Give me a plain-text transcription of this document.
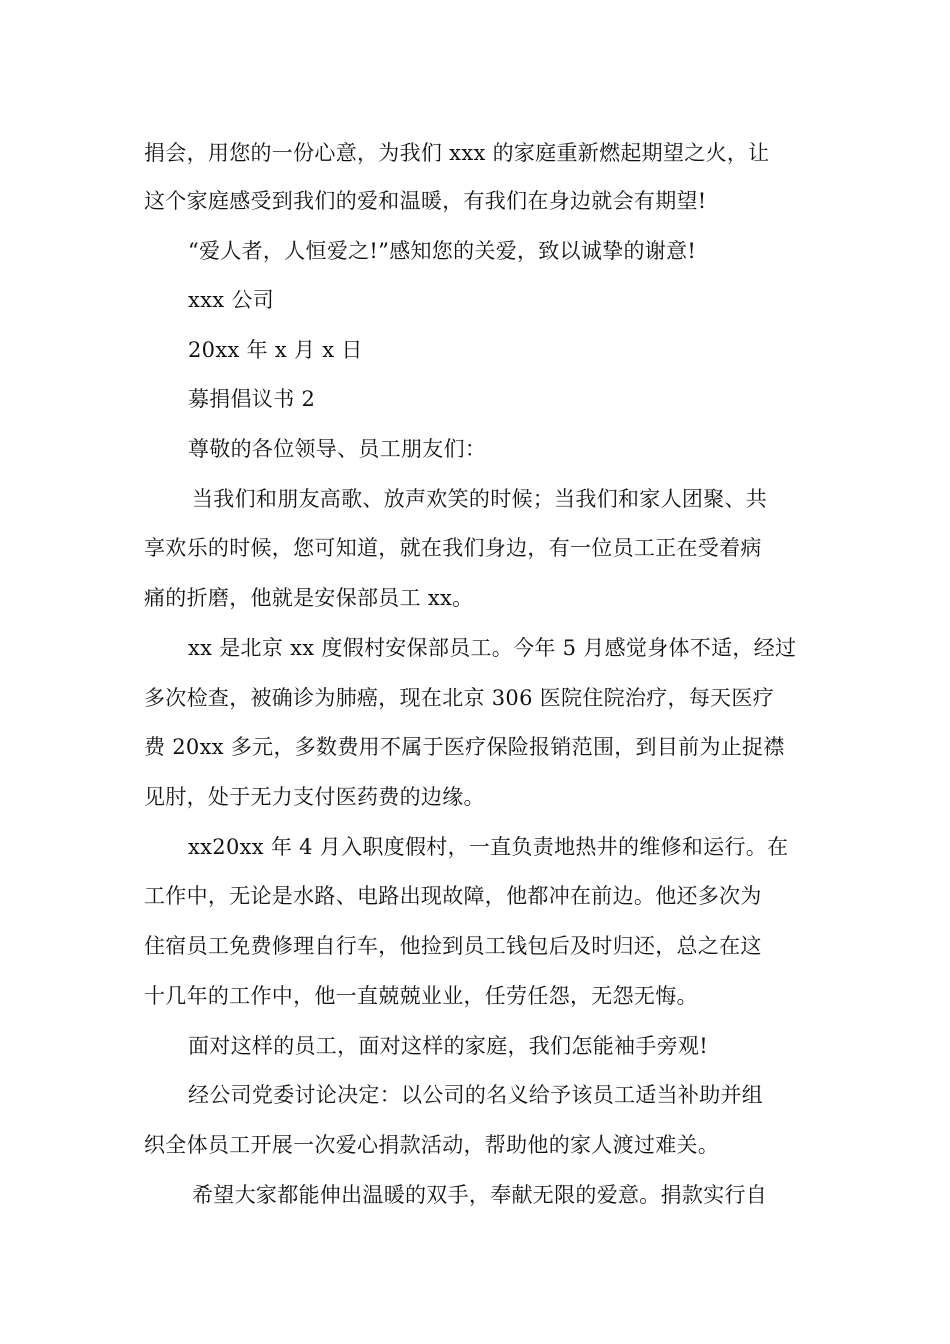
捐会，用您的一份心意，为我们 xxx 的家庭重新燃起期望之火，让

这个家庭感受到我们的爱和温暖，有我们在身边就会有期望!

“爱人者，人恒爱之!”感知您的关爱，致以诚挚的谢意!

xxx 公司

20xx 年 x 月 x 日

募捐倡议书 2

尊敬的各位领导、员工朋友们：

当我们和朋友高歌、放声欢笑的时候；当我们和家人团聚、共

享欢乐的时候，您可知道，就在我们身边，有一位员工正在受着病

痛的折磨，他就是安保部员工 xx。

xx 是北京 xx 度假村安保部员工。今年 5 月感觉身体不适，经过

多次检查，被确诊为肺癌，现在北京 306 医院住院治疗，每天医疗

费 20xx 多元，多数费用不属于医疗保险报销范围，到目前为止捉襟

见肘，处于无力支付医药费的边缘。

xx20xx 年 4 月入职度假村，一直负责地热井的维修和运行。在

工作中，无论是水路、电路出现故障，他都冲在前边。他还多次为

住宿员工免费修理自行车，他捡到员工钱包后及时归还，总之在这

十几年的工作中，他一直兢兢业业，任劳任怨，无怨无悔。

面对这样的员工，面对这样的家庭，我们怎能袖手旁观!

经公司党委讨论决定：以公司的名义给予该员工适当补助并组

织全体员工开展一次爱心捐款活动，帮助他的家人渡过难关。

希望大家都能伸出温暖的双手，奉献无限的爱意。捐款实行自
